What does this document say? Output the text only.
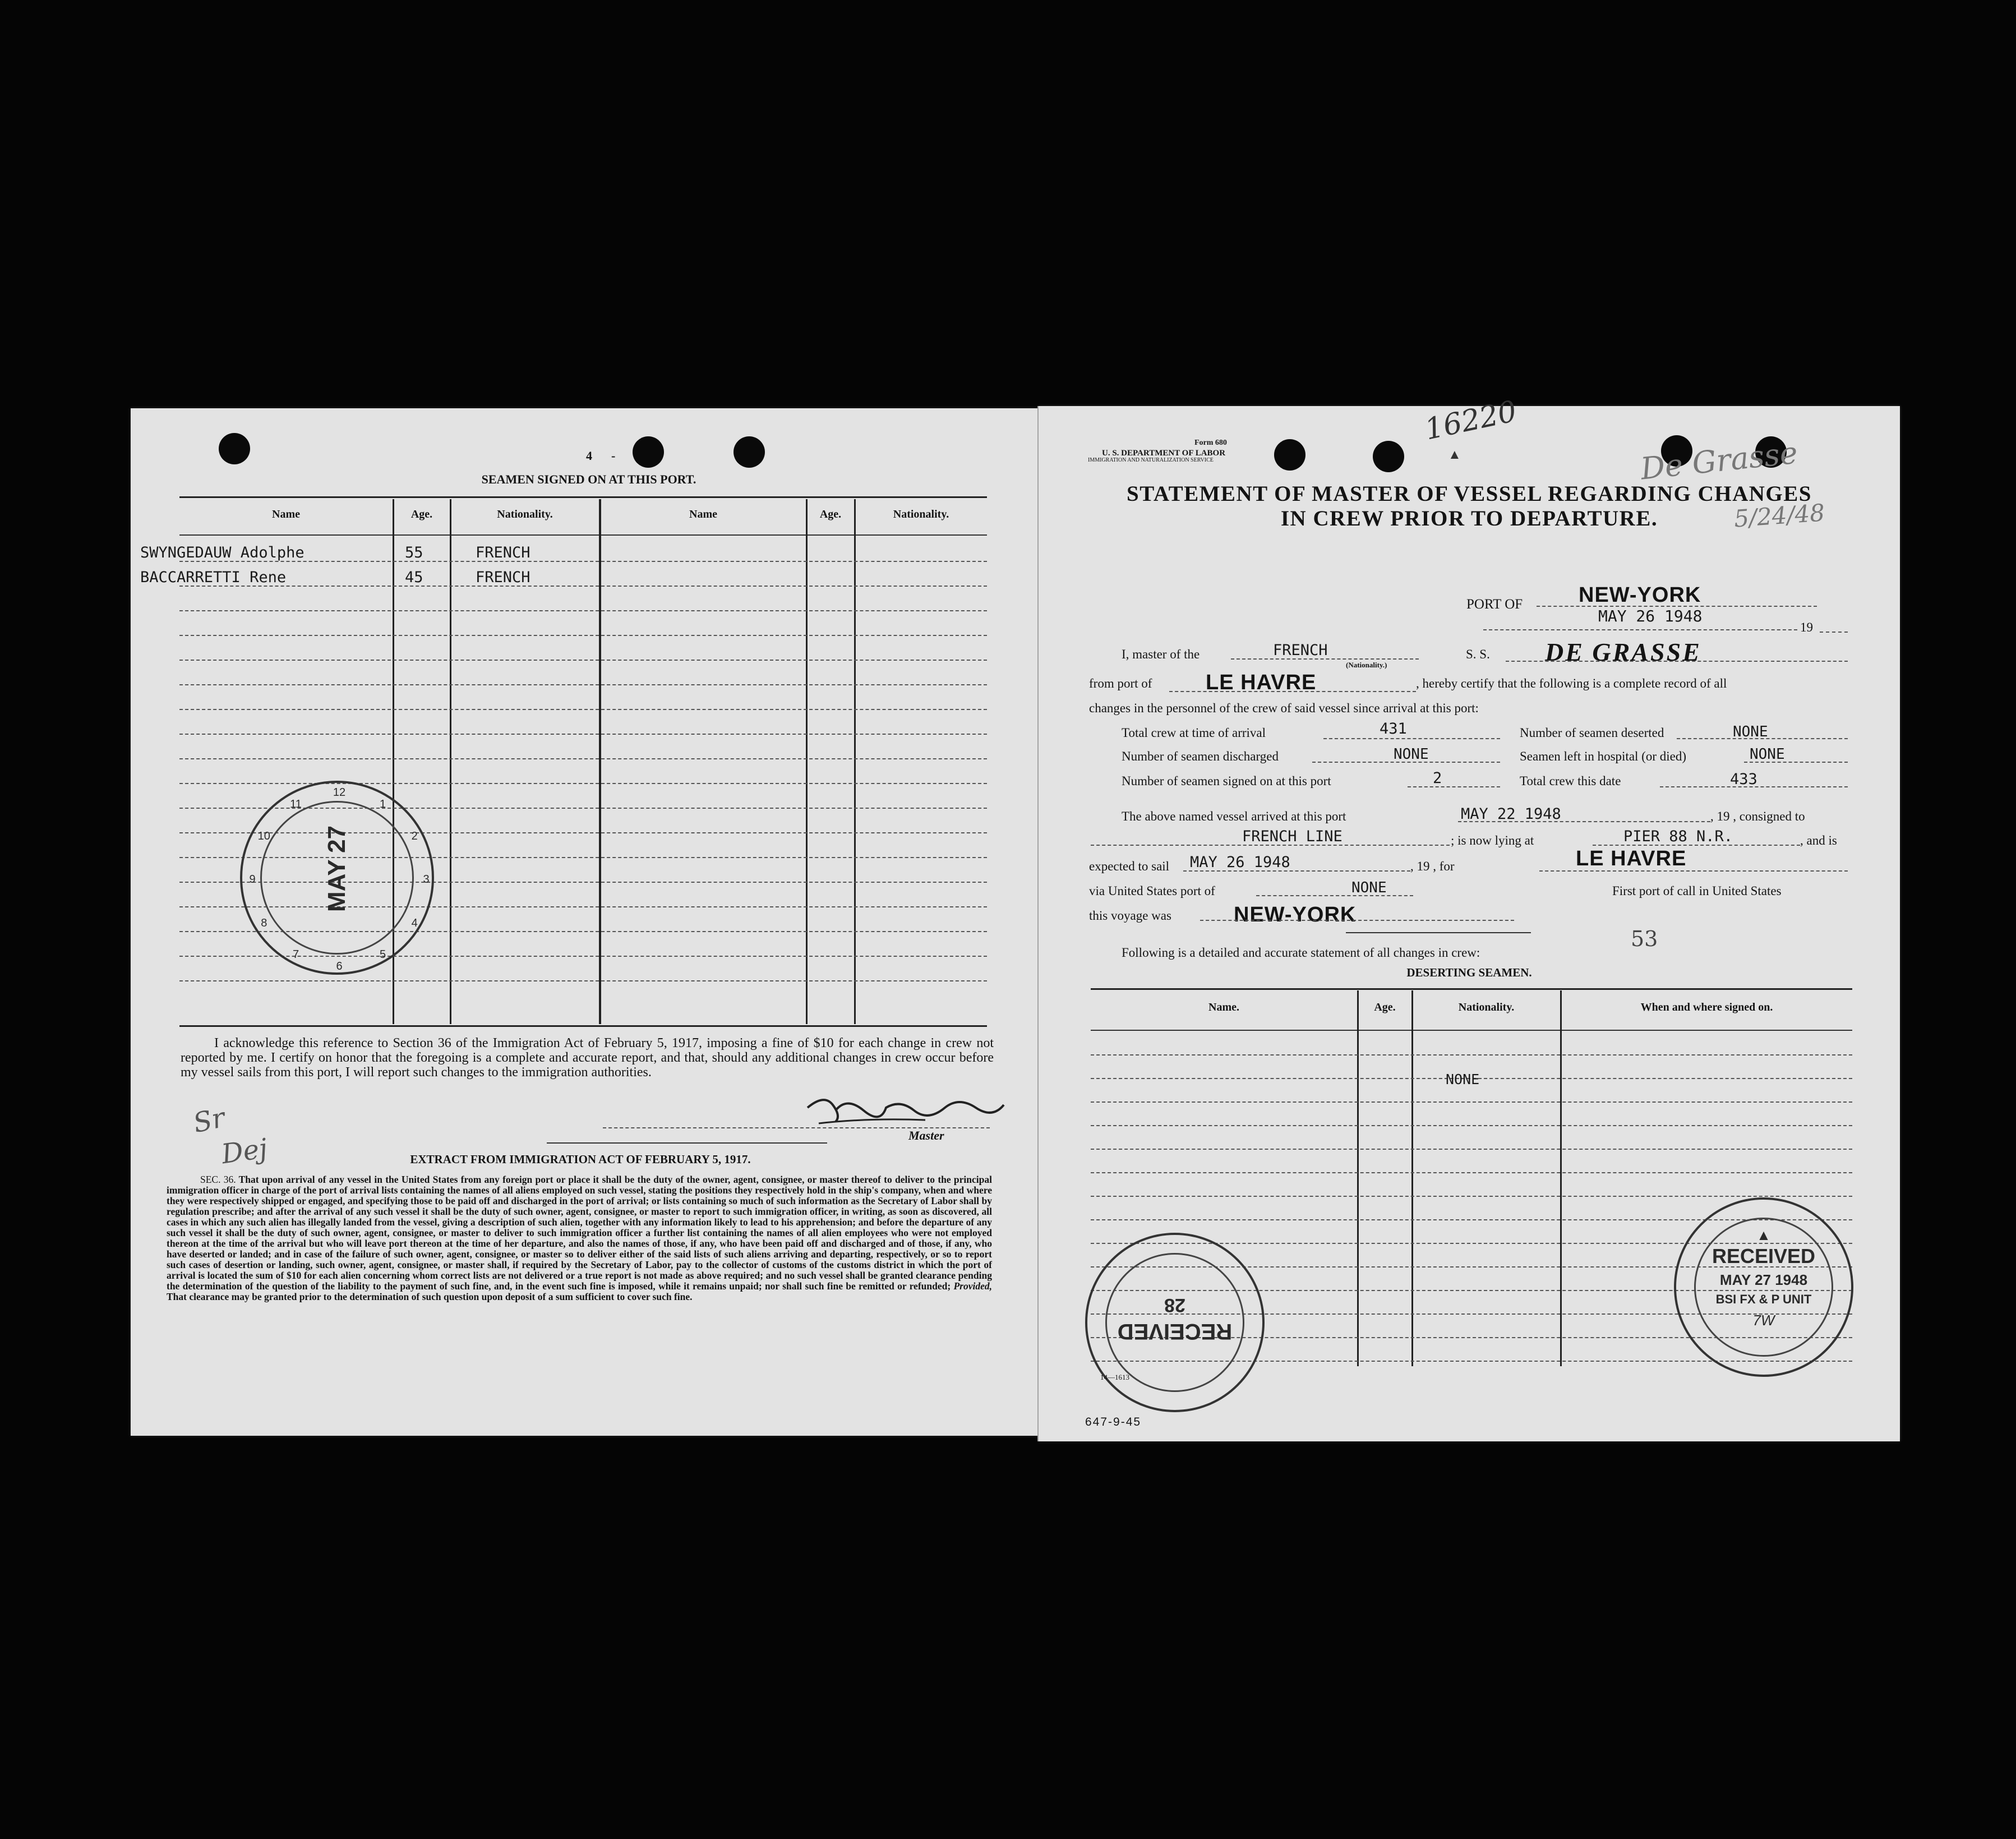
4 -
SEAMEN SIGNED ON AT THIS PORT.
Name	Age.	Nationality.	Name	Age.	Nationality.
SWYNGEDAUW Adolphe	55	FRENCH
BACCARRETTI Rene	45	FRENCH
MAY 27
12
1
2
3
4
5
6
7
8
9
10
11
I acknowledge this reference to Section 36 of the Immigration Act of February 5, 1917, imposing a fine of $10 for each change in crew not reported by me. I certify on honor that the foregoing is a complete and accurate report, and that, should any additional changes in crew occur before my vessel sails from this port, I will report such changes to the immigration authorities.
Sr
Dej	Master
EXTRACT FROM IMMIGRATION ACT OF FEBRUARY 5, 1917.
SEC. 36. That upon arrival of any vessel in the United States from any foreign port or place it shall be the duty of the owner, agent, consignee, or master thereof to deliver to the principal immigration officer in charge of the port of arrival lists containing the names of all aliens employed on such vessel, stating the positions they respectively hold in the ship's company, when and where they were respectively shipped or engaged, and specifying those to be paid off and discharged in the port of arrival; or lists containing so much of such information as the Secretary of Labor shall by regulation prescribe; and after the arrival of any such vessel it shall be the duty of such owner, agent, consignee, or master to report to such immigration officer, in writing, as soon as discovered, all cases in which any such alien has illegally landed from the vessel, giving a description of such alien, together with any information likely to lead to his apprehension; and before the departure of any such vessel it shall be the duty of such owner, agent, consignee, or master to deliver to such immigration officer a further list containing the names of all alien employees who were not employed thereon at the time of the arrival but who will leave port thereon at the time of her departure, and also the names of those, if any, who have been paid off and discharged and of those, if any, who have deserted or landed; and in case of the failure of such owner, agent, consignee, or master so to deliver either of the said lists of such aliens arriving and departing, respectively, or so to report such cases of desertion or landing, such owner, agent, consignee, or master shall, if required by the Secretary of Labor, pay to the collector of customs of the customs district in which the port of arrival is located the sum of $10 for each alien concerning whom correct lists are not delivered or a true report is not made as above required; and no such vessel shall be granted clearance pending the determination of the question of the liability to the payment of such fine, and, in the event such fine is imposed, while it remains unpaid; nor shall such fine be remitted or refunded; Provided, That clearance may be granted prior to the determination of such question upon deposit of a sum sufficient to cover such fine.
16220
▲	De Grasse
5/24/48
Form 680
U. S. DEPARTMENT OF LABOR
IMMIGRATION AND NATURALIZATION SERVICE
STATEMENT OF MASTER OF VESSEL REGARDING CHANGES
IN CREW PRIOR TO DEPARTURE.
PORT OF	NEW-YORK
MAY 26 1948
19
I, master of the	FRENCH
(Nationality.)
S. S. DE GRASSE
from port of	LE HAVRE	, hereby certify that the following is a complete record of all
changes in the personnel of the crew of said vessel since arrival at this port:
Total crew at time of arrival	431	Number of seamen deserted	NONE
Number of seamen discharged	NONE	Seamen left in hospital (or died)	NONE
Number of seamen signed on at this port	2	Total crew this date	433
The above named vessel arrived at this port	MAY 22 1948	, 19 , consigned to
FRENCH LINE	; is now lying at	PIER 88 N.R.	, and is
expected to sail MAY 26 1948	, 19 , for	LE HAVRE
via United States port of	NONE	First port of call in United States
this voyage was	NEW-YORK
Following is a detailed and accurate statement of all changes in crew:
53
DESERTING SEAMEN.
Name.	Age.	Nationality.	When and where signed on.
NONE
RECEIVED
28
▲
RECEIVED
MAY 27 1948
BSI FX & P UNIT
7W
14—1613
647-9-45
